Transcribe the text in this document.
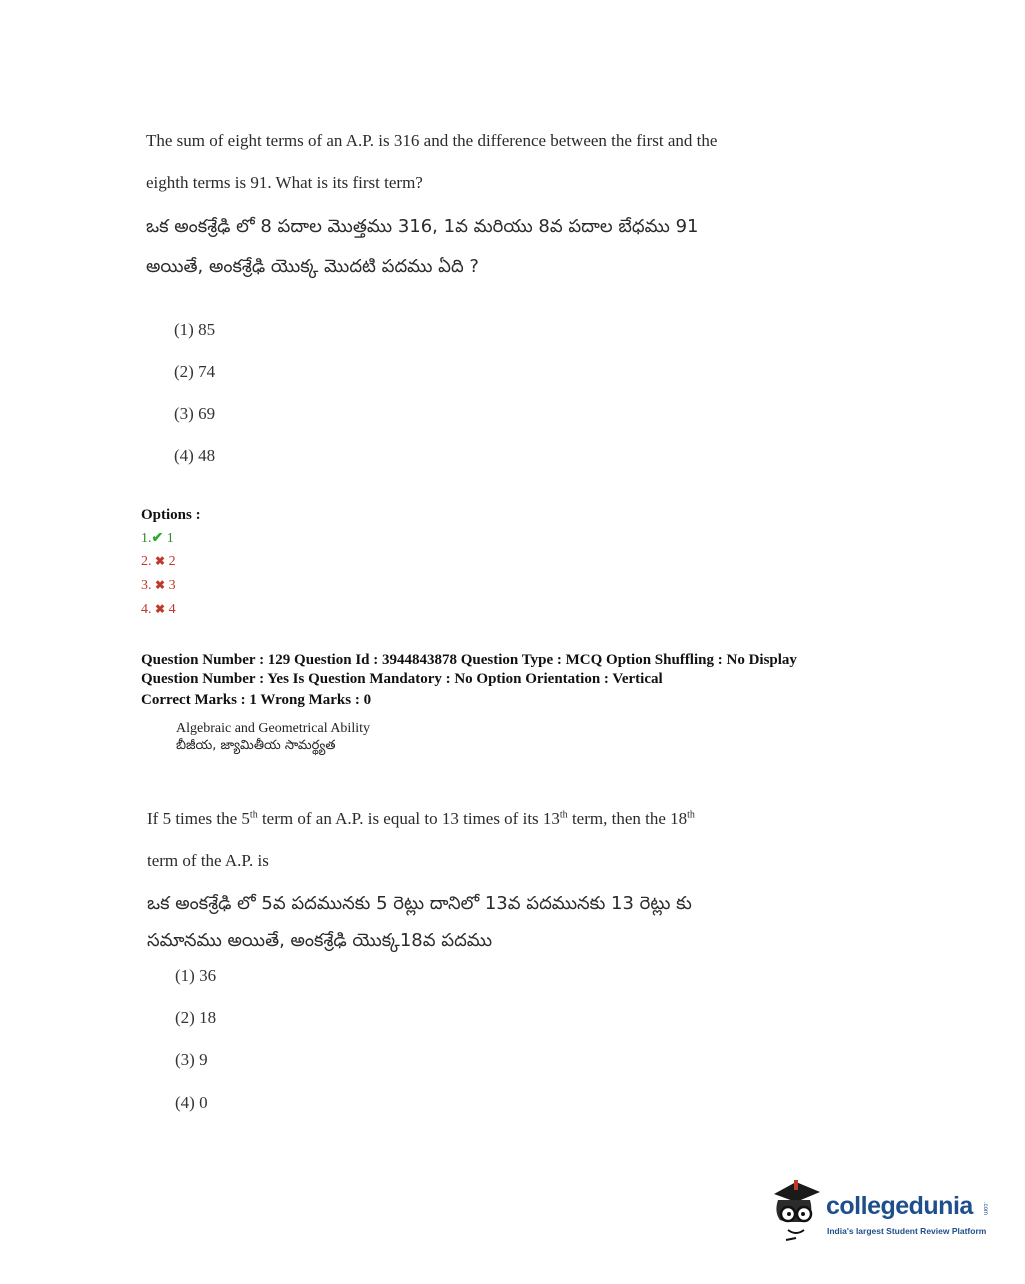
The sum of eight terms of an A.P. is 316 and the difference between the first and the
eighth terms is 91. What is its first term?
ఒక అంకశ్రేఢి లో 8 పదాల మొత్తము 316, 1వ మరియు 8వ పదాల బేధము 91
అయితే, అంకశ్రేఢి యొక్క మొదటి పదము ఏది ?
(1) 85
(2) 74
(3) 69
(4) 48
Options :
1.✔ 1
2. ✖ 2
3. ✖ 3
4. ✖ 4
Question Number : 129 Question Id : 3944843878 Question Type : MCQ Option Shuffling : No Display
Question Number : Yes Is Question Mandatory : No Option Orientation : Vertical
Correct Marks : 1 Wrong Marks : 0
Algebraic and Geometrical Ability
బీజీయ, జ్యామితీయ సామర్థ్యత
If 5 times the 5th term of an A.P. is equal to 13 times of its 13th term, then the 18th
term of the A.P. is
ఒక అంకశ్రేఢి లో 5వ పదమునకు 5 రెట్లు దానిలో 13వ పదమునకు 13 రెట్లు కు
సమానము అయితే, అంకశ్రేఢి యొక్క18వ పదము
(1) 36
(2) 18
(3) 9
(4) 0
collegedunia .com
India's largest Student Review Platform
